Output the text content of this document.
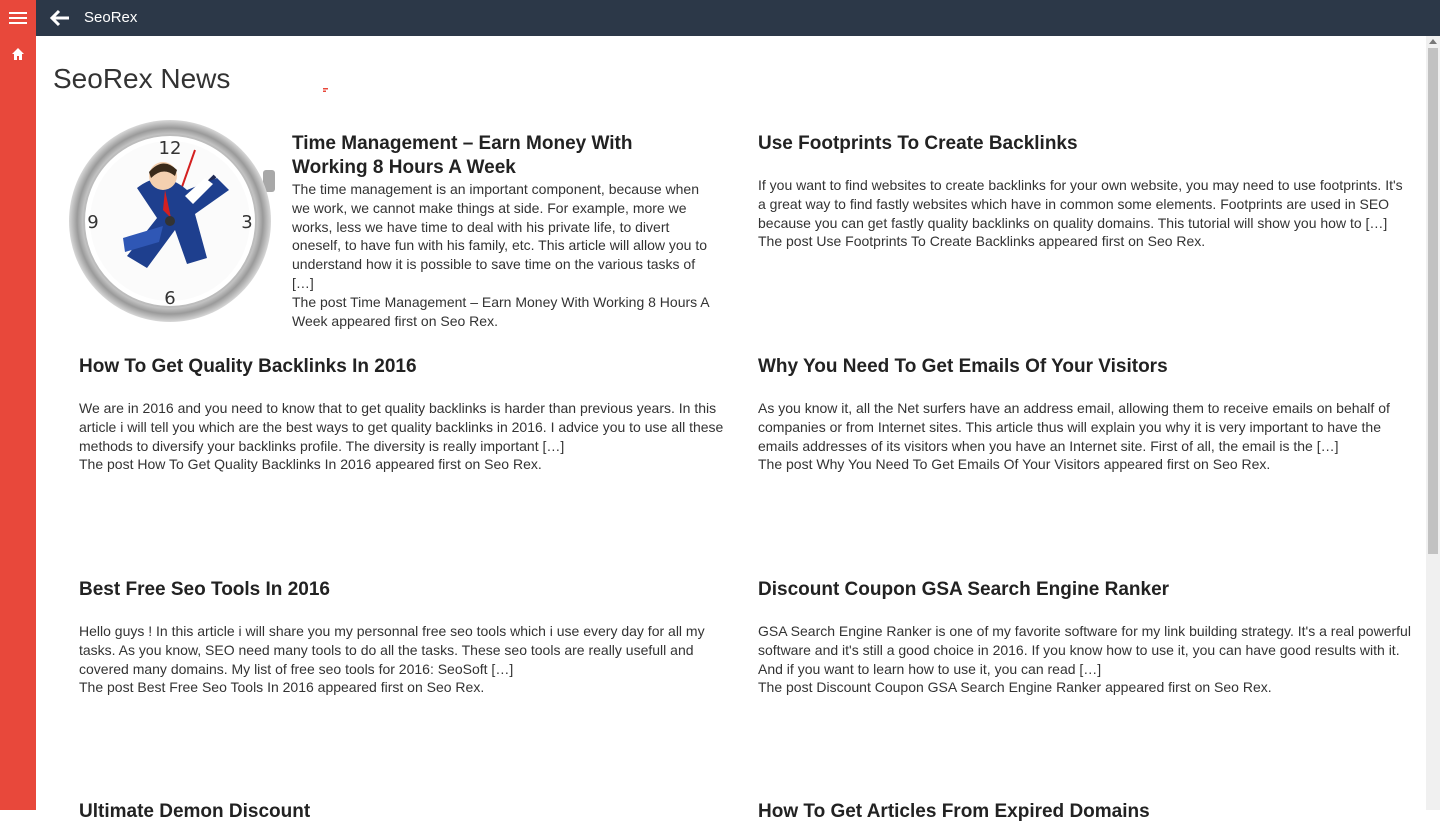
SeoRex
SeoRex News
12
3
6
9
Time Management – Earn Money With Working 8 Hours A Week

The time management is an important component, because when we work, we cannot make things at side. For example, more we works, less we have time to deal with his private life, to divert oneself, to have fun with his family, etc. This article will allow you to understand how it is possible to save time on the various tasks of […]

The post Time Management – Earn Money With Working 8 Hours A Week appeared first on Seo Rex.
Use Footprints To Create Backlinks

If you want to find websites to create backlinks for your own website, you may need to use footprints. It's a great way to find fastly websites which have in common some elements. Footprints are used in SEO because you can get fastly quality backlinks on quality domains. This tutorial will show you how to […]

The post Use Footprints To Create Backlinks appeared first on Seo Rex.
How To Get Quality Backlinks In 2016

We are in 2016 and you need to know that to get quality backlinks is harder than previous years. In this article i will tell you which are the best ways to get quality backlinks in 2016. I advice you to use all these methods to diversify your backlinks profile. The diversity is really important […]

The post How To Get Quality Backlinks In 2016 appeared first on Seo Rex.
Why You Need To Get Emails Of Your Visitors

As you know it, all the Net surfers have an address email, allowing them to receive emails on behalf of companies or from Internet sites. This article thus will explain you why it is very important to have the emails addresses of its visitors when you have an Internet site. First of all, the email is the […]

The post Why You Need To Get Emails Of Your Visitors appeared first on Seo Rex.
Best Free Seo Tools In 2016

Hello guys ! In this article i will share you my personnal free seo tools which i use every day for all my tasks. As you know, SEO need many tools to do all the tasks. These seo tools are really usefull and covered many domains. My list of free seo tools for 2016: SeoSoft […]

The post Best Free Seo Tools In 2016 appeared first on Seo Rex.
Discount Coupon GSA Search Engine Ranker

GSA Search Engine Ranker is one of my favorite software for my link building strategy. It's a real powerful software and it's still a good choice in 2016. If you know how to use it, you can have good results with it. And if you want to learn how to use it, you can read […]

The post Discount Coupon GSA Search Engine Ranker appeared first on Seo Rex.
Ultimate Demon Discount	How To Get Articles From Expired Domains
